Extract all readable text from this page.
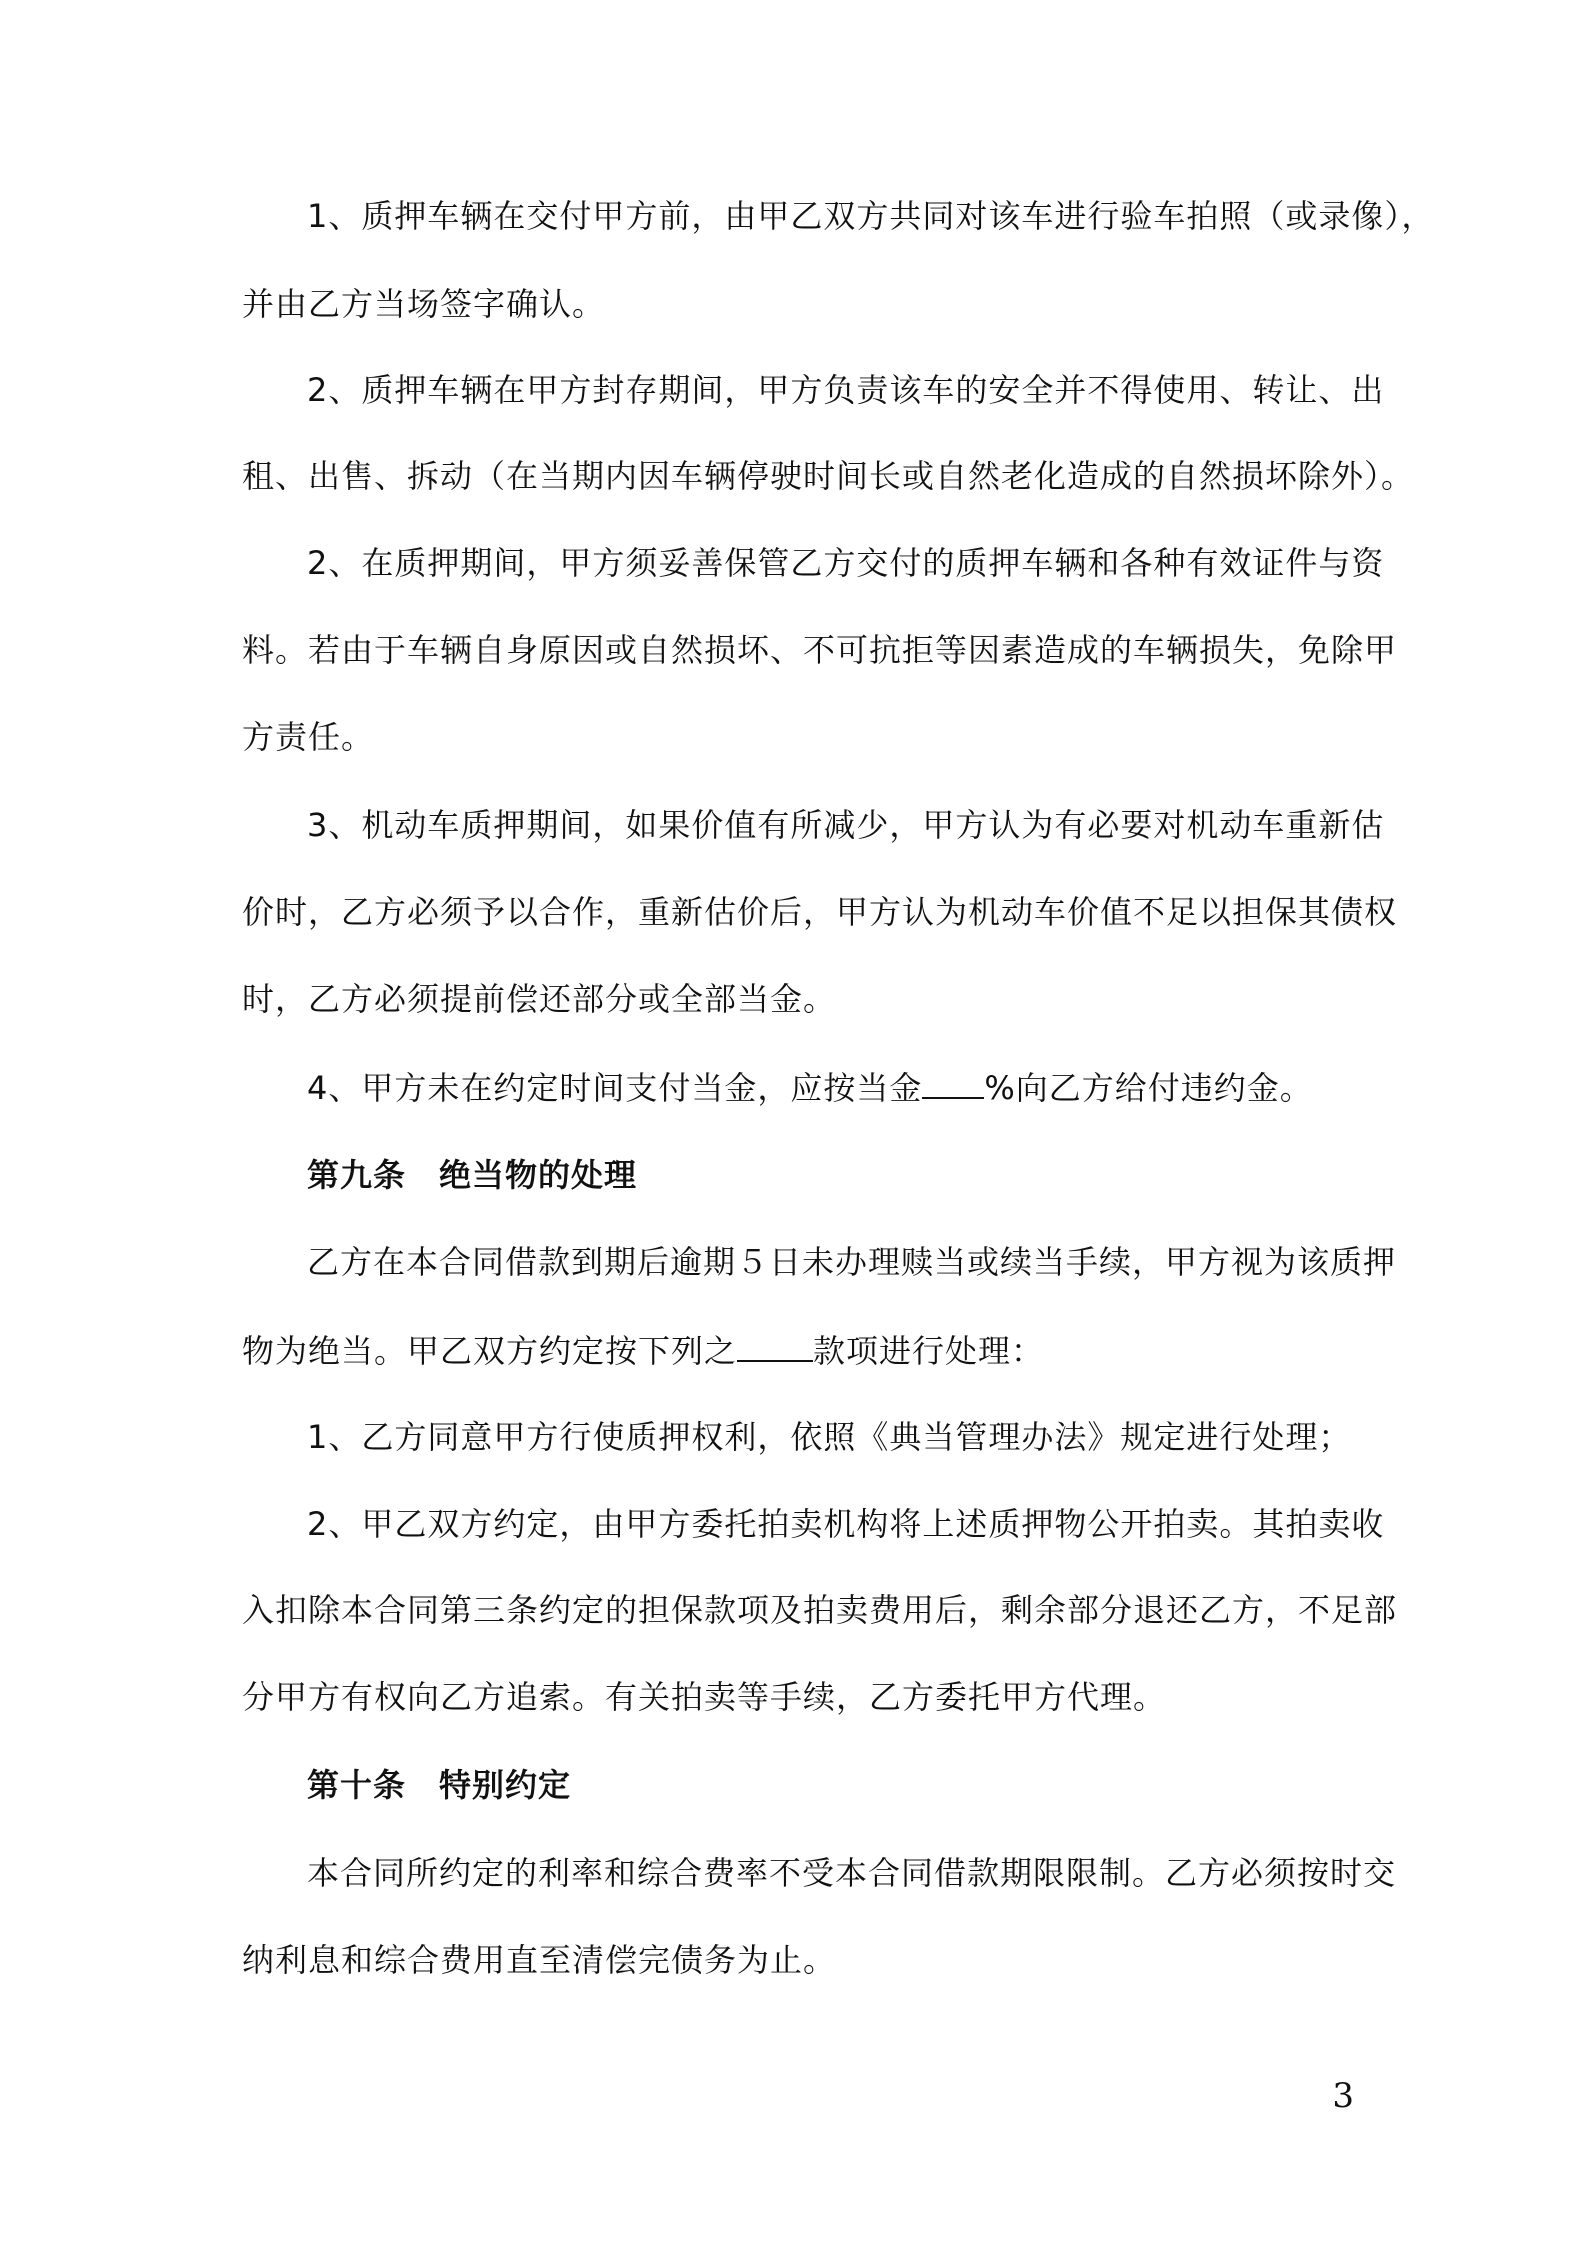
1、质押车辆在交付甲方前，由甲乙双方共同对该车进行验车拍照（或录像），

并由乙方当场签字确认。

2、质押车辆在甲方封存期间，甲方负责该车的安全并不得使用、转让、出

租、出售、拆动（在当期内因车辆停驶时间长或自然老化造成的自然损坏除外）。

2、在质押期间，甲方须妥善保管乙方交付的质押车辆和各种有效证件与资

料。若由于车辆自身原因或自然损坏、不可抗拒等因素造成的车辆损失，免除甲

方责任。

3、机动车质押期间，如果价值有所减少，甲方认为有必要对机动车重新估

价时，乙方必须予以合作，重新估价后，甲方认为机动车价值不足以担保其债权

时，乙方必须提前偿还部分或全部当金。

4、甲方未在约定时间支付当金，应按当金 %向乙方给付违约金。

第九条　绝当物的处理

乙方在本合同借款到期后逾期５日未办理赎当或续当手续，甲方视为该质押

物为绝当。甲乙双方约定按下列之 款项进行处理：

1、乙方同意甲方行使质押权利，依照《典当管理办法》规定进行处理；

2、甲乙双方约定，由甲方委托拍卖机构将上述质押物公开拍卖。其拍卖收

入扣除本合同第三条约定的担保款项及拍卖费用后，剩余部分退还乙方，不足部

分甲方有权向乙方追索。有关拍卖等手续，乙方委托甲方代理。

第十条　特别约定

本合同所约定的利率和综合费率不受本合同借款期限限制。乙方必须按时交

纳利息和综合费用直至清偿完债务为止。

3
